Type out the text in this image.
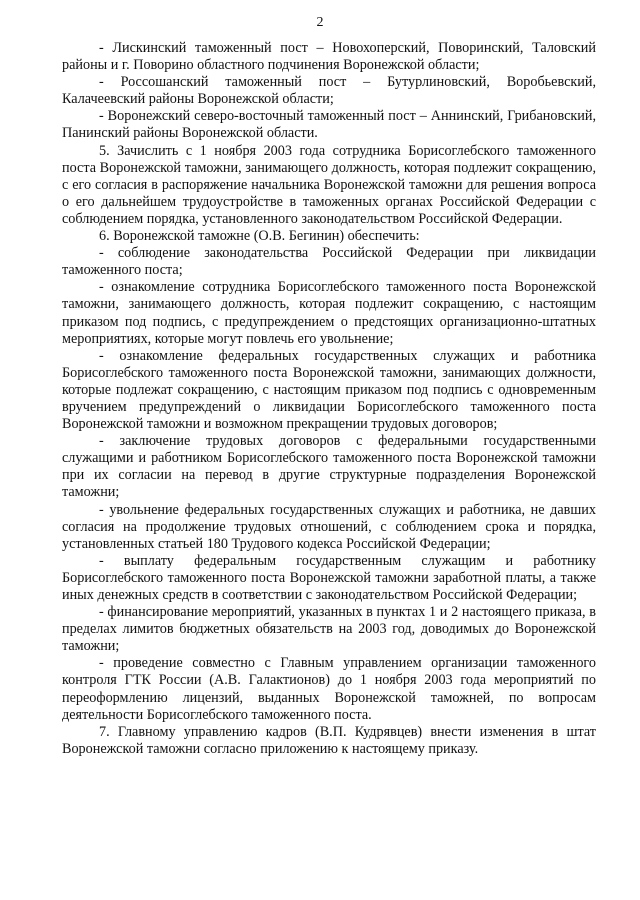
2

- Лискинский таможенный пост – Новохоперский, Поворинский, Таловский районы и г. Поворино областного подчинения Воронежской области;

- Россошанский таможенный пост – Бутурлиновский, Воробьевский, Калачеевский районы Воронежской области;

- Воронежский северо-восточный таможенный пост – Аннинский, Грибановский, Панинский районы Воронежской области.

5. Зачислить с 1 ноября 2003 года сотрудника Борисоглебского таможенного поста Воронежской таможни, занимающего должность, которая подлежит сокращению, с его согласия в распоряжение начальника Воронежской таможни для решения вопроса о его дальнейшем трудоустройстве в таможенных органах Российской Федерации с соблюдением порядка, установленного законодательством Российской Федерации.

6. Воронежской таможне (О.В. Бегинин) обеспечить:

- соблюдение законодательства Российской Федерации при ликвидации таможенного поста;

- ознакомление сотрудника Борисоглебского таможенного поста Воронежской таможни, занимающего должность, которая подлежит сокращению, с настоящим приказом под подпись, с предупреждением о предстоящих организационно-штатных мероприятиях, которые могут повлечь его увольнение;

- ознакомление федеральных государственных служащих и работника Борисоглебского таможенного поста Воронежской таможни, занимающих должности, которые подлежат сокращению, с настоящим приказом под подпись с одновременным вручением предупреждений о ликвидации Борисоглебского таможенного поста Воронежской таможни и возможном прекращении трудовых договоров;

- заключение трудовых договоров с федеральными государственными служащими и работником Борисоглебского таможенного поста Воронежской таможни при их согласии на перевод в другие структурные подразделения Воронежской таможни;

- увольнение федеральных государственных служащих и работника, не давших согласия на продолжение трудовых отношений, с соблюдением срока и порядка, установленных статьей 180 Трудового кодекса Российской Федерации;

- выплату федеральным государственным служащим и работнику Борисоглебского таможенного поста Воронежской таможни заработной платы, а также иных денежных средств в соответствии с законодательством Российской Федерации;

- финансирование мероприятий, указанных в пунктах 1 и 2 настоящего приказа, в пределах лимитов бюджетных обязательств на 2003 год, доводимых до Воронежской таможни;

- проведение совместно с Главным управлением организации таможенного контроля ГТК России (А.В. Галактионов) до 1 ноября 2003 года мероприятий по переоформлению лицензий, выданных Воронежской таможней, по вопросам деятельности Борисоглебского таможенного поста.

7. Главному управлению кадров (В.П. Кудрявцев) внести изменения в штат Воронежской таможни согласно приложению к настоящему приказу.
